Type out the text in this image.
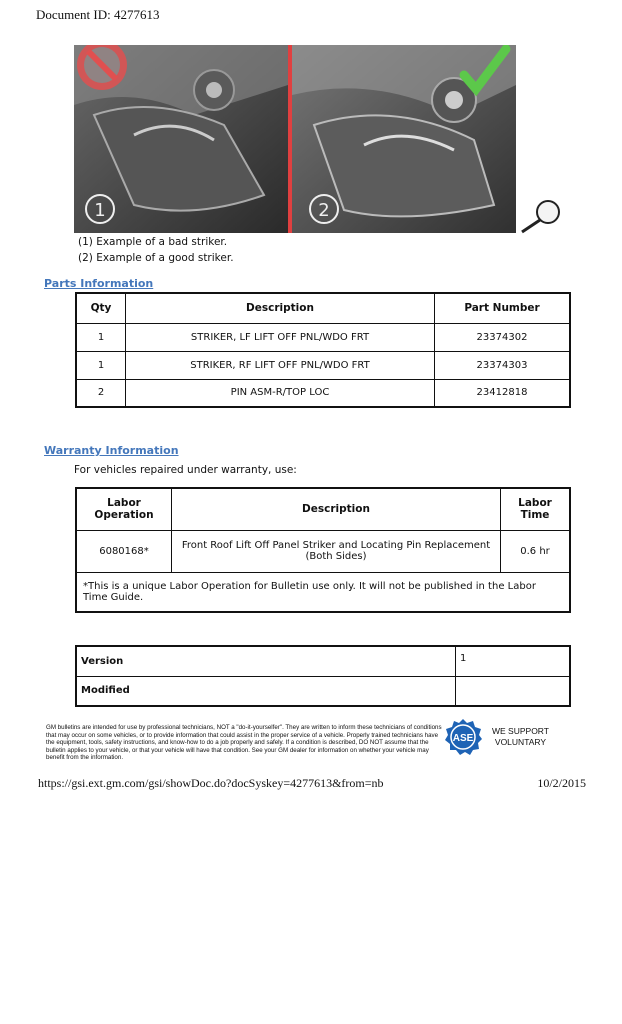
Document ID: 4277613
1	2
(1) Example of a bad striker.
(2) Example of a good striker.
Parts Information
Qty	Description	Part Number
1	STRIKER, LF LIFT OFF PNL/WDO FRT	23374302
1	STRIKER, RF LIFT OFF PNL/WDO FRT	23374303
2	PIN ASM-R/TOP LOC	23412818
Warranty Information
For vehicles repaired under warranty, use:
Labor Operation	Description	Labor Time
6080168*	Front Roof Lift Off Panel Striker and Locating Pin Replacement (Both Sides)	0.6 hr
*This is a unique Labor Operation for Bulletin use only. It will not be published in the Labor Time Guide.		
Version	1
Modified	
GM bulletins are intended for use by professional technicians, NOT a "do-it-yourselfer". They are written to inform these technicians of conditions that may occur on some vehicles, or to provide information that could assist in the proper service of a vehicle. Properly trained technicians have the equipment, tools, safety instructions, and know-how to do a job properly and safely. If a condition is described, DO NOT assume that the bulletin applies to your vehicle, or that your vehicle will have that condition. See your GM dealer for information on whether your vehicle may benefit from the information.
ASE
WE SUPPORT
VOLUNTARY
https://gsi.ext.gm.com/gsi/showDoc.do?docSyskey=4277613&from=nb	10/2/2015
